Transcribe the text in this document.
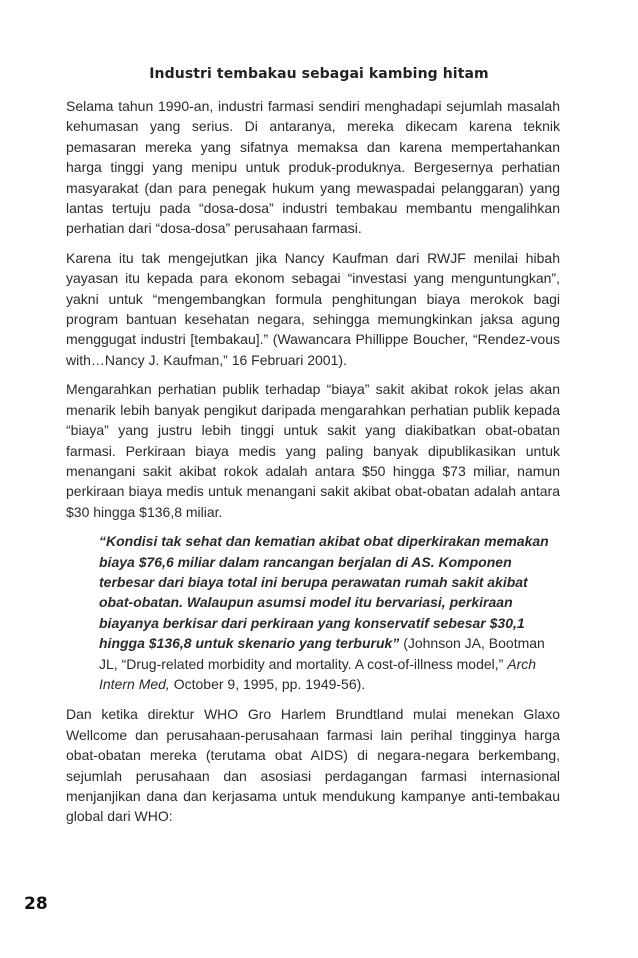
Industri tembakau sebagai kambing hitam

Selama tahun 1990-an, industri farmasi sendiri menghadapi sejumlah masalah kehumasan yang serius. Di antaranya, mereka dikecam karena teknik pemasaran mereka yang sifatnya memaksa dan karena mempertahankan harga tinggi yang menipu untuk produk-produknya. Bergesernya perhatian masyarakat (dan para penegak hukum yang mewaspadai pelanggaran) yang lantas tertuju pada “dosa-dosa” industri tembakau membantu mengalihkan perhatian dari “dosa-dosa” perusahaan farmasi.

Karena itu tak mengejutkan jika Nancy Kaufman dari RWJF menilai hibah yayasan itu kepada para ekonom sebagai “investasi yang menguntungkan”, yakni untuk “mengembangkan formula penghitungan biaya merokok bagi program bantuan kesehatan negara, sehingga memungkinkan jaksa agung menggugat industri [tembakau].” (Wawancara Phillippe Boucher, “Rendez-vous with…Nancy J. Kaufman,” 16 Februari 2001).

Mengarahkan perhatian publik terhadap “biaya” sakit akibat rokok jelas akan menarik lebih banyak pengikut daripada mengarahkan perhatian publik kepada “biaya” yang justru lebih tinggi untuk sakit yang diakibatkan obat-obatan farmasi. Perkiraan biaya medis yang paling banyak dipublikasikan untuk menangani sakit akibat rokok adalah antara $50 hingga $73 miliar, namun perkiraan biaya medis untuk menangani sakit akibat obat-obatan adalah antara $30 hingga $136,8 miliar.

“Kondisi tak sehat dan kematian akibat obat diperkirakan memakan biaya $76,6 miliar dalam rancangan berjalan di AS. Komponen terbesar dari biaya total ini berupa perawatan rumah sakit akibat obat-obatan. Walaupun asumsi model itu bervariasi, perkiraan biayanya berkisar dari perkiraan yang konservatif sebesar $30,1 hingga $136,8 untuk skenario yang terburuk” (Johnson JA, Bootman JL, “Drug-related morbidity and mortality. A cost-of-illness model,” Arch Intern Med, October 9, 1995, pp. 1949-56).

Dan ketika direktur WHO Gro Harlem Brundtland mulai menekan Glaxo Wellcome dan perusahaan-perusahaan farmasi lain perihal tingginya harga obat-obatan mereka (terutama obat AIDS) di negara-negara berkembang, sejumlah perusahaan dan asosiasi perdagangan farmasi internasional menjanjikan dana dan kerjasama untuk mendukung kampanye anti-tembakau global dari WHO:

28
